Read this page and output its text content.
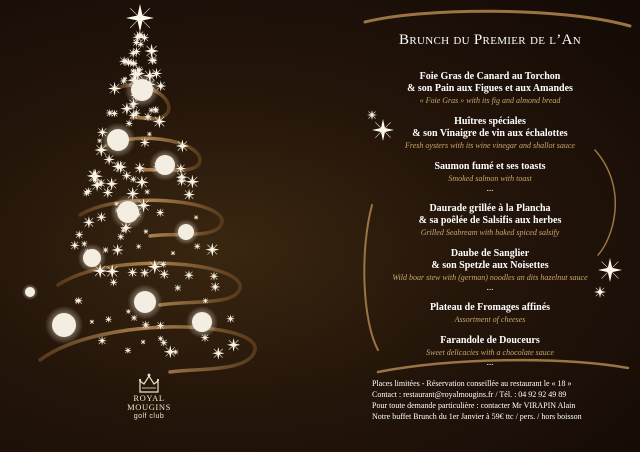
Brunch du Premier de l’An
Foie Gras de Canard au Torchon
& son Pain aux Figues et aux Amandes
« Foie Gras » with its fig and almond bread
Huîtres spéciales
& son Vinaigre de vin aux échalottes
Fresh oysters with its wine vinegar and shallot sauce
Saumon fumé et ses toasts
Smoked salmon with toast
...
Daurade grillée à la Plancha
& sa poêlée de Salsifis aux herbes
Grilled Seabream with baked spiced salsify
Daube de Sanglier
& son Spetzle aux Noisettes
Wild boar stew with (german) noodles an dits hazelnut sauce
...
Plateau de Fromages affinés
Assortment of cheeses
Farandole de Douceurs
Sweet delicacies with a chocolate sauce
...
Places limitées - Réservation conseillée au restaurant le « 18 »
Contact : restaurant@royalmougins.fr / Tél. : 04 92 92 49 89
Pour toute demande particulière : contacter Mr VIRAPIN Alain
Notre buffet Brunch du 1er Janvier à 59€ ttc / pers. / hors boisson
ROYAL
MOUGINS
golf club
